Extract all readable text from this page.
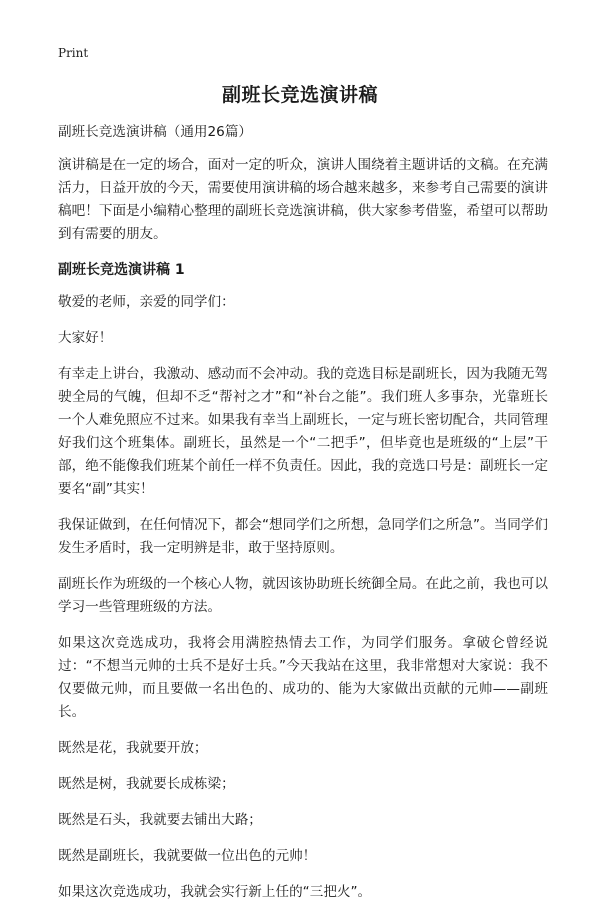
Print
副班长竞选演讲稿

副班长竞选演讲稿（通用26篇）

演讲稿是在一定的场合，面对一定的听众，演讲人围绕着主题讲话的文稿。在充满活力，日益开放的今天，需要使用演讲稿的场合越来越多，来参考自己需要的演讲稿吧！下面是小编精心整理的副班长竞选演讲稿，供大家参考借鉴，希望可以帮助到有需要的朋友。

副班长竞选演讲稿 1

敬爱的老师，亲爱的同学们：

大家好！

有幸走上讲台，我激动、感动而不会冲动。我的竞选目标是副班长，因为我随无驾驶全局的气魄，但却不乏“帮衬之才”和“补台之能”。我们班人多事杂，光靠班长一个人难免照应不过来。如果我有幸当上副班长，一定与班长密切配合，共同管理好我们这个班集体。副班长，虽然是一个“二把手”，但毕竟也是班级的“上层”干部，绝不能像我们班某个前任一样不负责任。因此，我的竞选口号是：副班长一定要名“副”其实！

我保证做到，在任何情况下，都会“想同学们之所想，急同学们之所急”。当同学们发生矛盾时，我一定明辨是非，敢于坚持原则。

副班长作为班级的一个核心人物，就因该协助班长统御全局。在此之前，我也可以学习一些管理班级的方法。

如果这次竞选成功，我将会用满腔热情去工作，为同学们服务。拿破仑曾经说过：“不想当元帅的士兵不是好士兵。”今天我站在这里，我非常想对大家说：我不仅要做元帅，而且要做一名出色的、成功的、能为大家做出贡献的元帅——副班长。

既然是花，我就要开放；

既然是树，我就要长成栋梁；

既然是石头，我就要去铺出大路；

既然是副班长，我就要做一位出色的元帅！

如果这次竞选成功，我就会实行新上任的“三把火”。
